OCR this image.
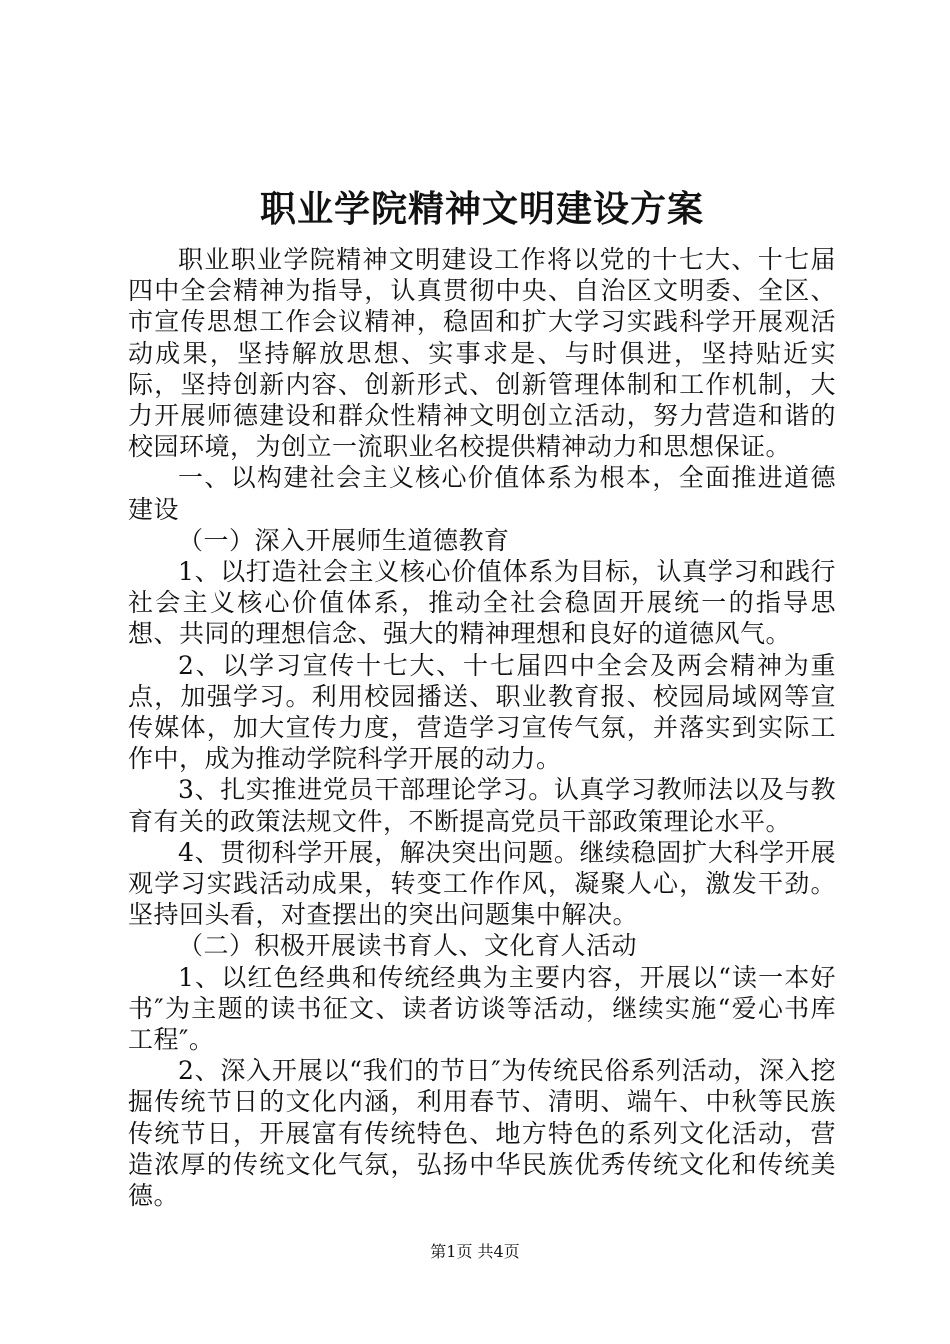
职业学院精神文明建设方案

职业职业学院精神文明建设工作将以党的十七大、十七届四中全会精神为指导，认真贯彻中央、自治区文明委、全区、市宣传思想工作会议精神，稳固和扩大学习实践科学开展观活动成果，坚持解放思想、实事求是、与时俱进，坚持贴近实际，坚持创新内容、创新形式、创新管理体制和工作机制，大力开展师德建设和群众性精神文明创立活动，努力营造和谐的校园环境，为创立一流职业名校提供精神动力和思想保证。

一、以构建社会主义核心价值体系为根本，全面推进道德建设

（一）深入开展师生道德教育

1、以打造社会主义核心价值体系为目标，认真学习和践行社会主义核心价值体系，推动全社会稳固开展统一的指导思想、共同的理想信念、强大的精神理想和良好的道德风气。

2、以学习宣传十七大、十七届四中全会及两会精神为重点，加强学习。利用校园播送、职业教育报、校园局域网等宣传媒体，加大宣传力度，营造学习宣传气氛，并落实到实际工作中，成为推动学院科学开展的动力。

3、扎实推进党员干部理论学习。认真学习教师法以及与教育有关的政策法规文件，不断提高党员干部政策理论水平。

4、贯彻科学开展，解决突出问题。继续稳固扩大科学开展观学习实践活动成果，转变工作作风，凝聚人心，激发干劲。坚持回头看，对查摆出的突出问题集中解决。

（二）积极开展读书育人、文化育人活动

1、以红色经典和传统经典为主要内容，开展以“读一本好书″为主题的读书征文、读者访谈等活动，继续实施“爱心书库工程″。

2、深入开展以“我们的节日″为传统民俗系列活动，深入挖掘传统节日的文化内涵，利用春节、清明、端午、中秋等民族传统节日，开展富有传统特色、地方特色的系列文化活动，营造浓厚的传统文化气氛，弘扬中华民族优秀传统文化和传统美德。

第1页 共4页
